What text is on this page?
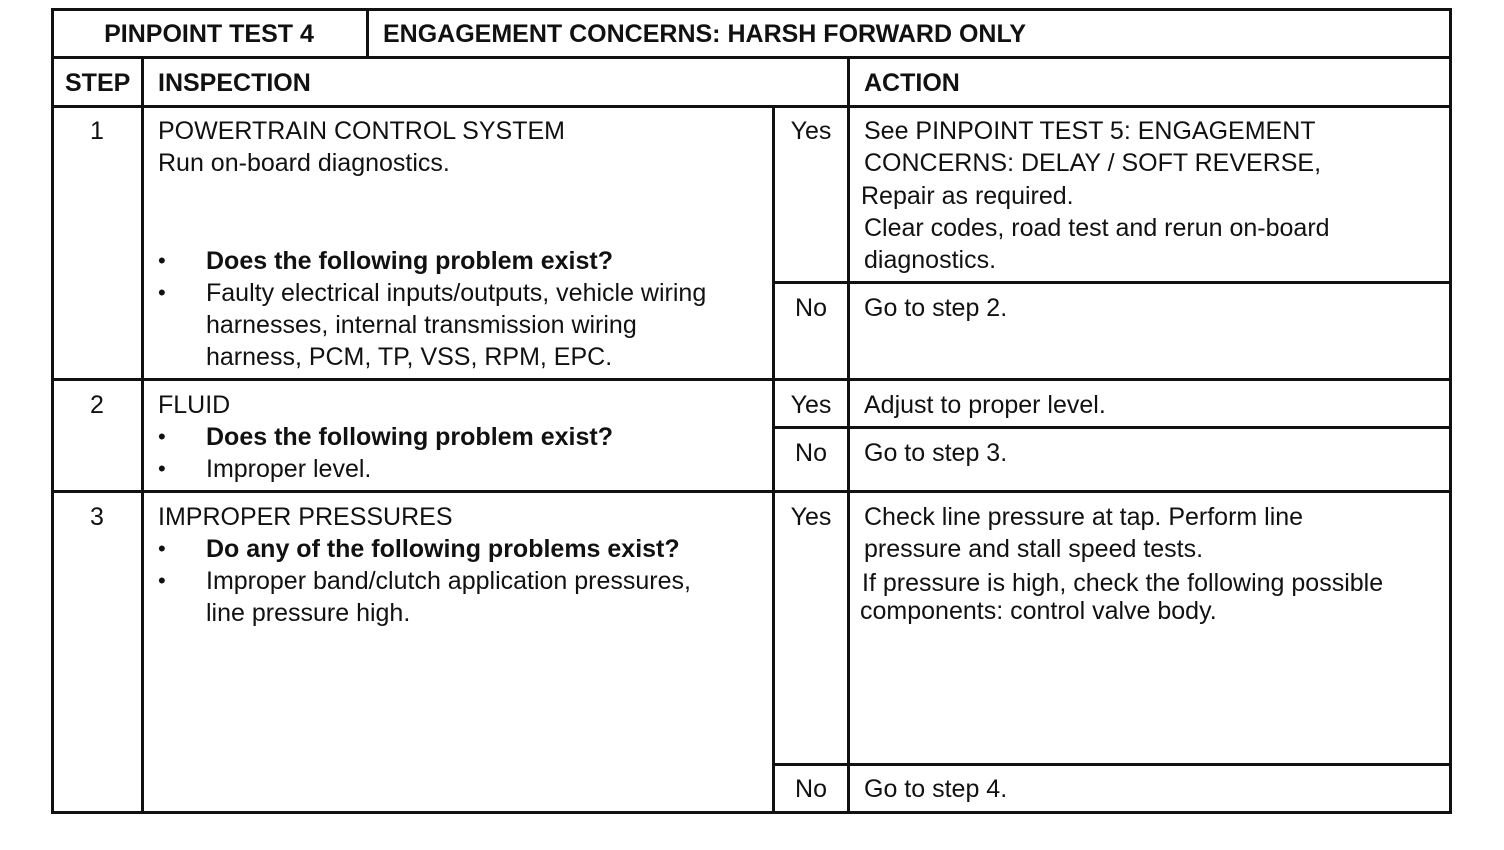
PINPOINT TEST 4	ENGAGEMENT CONCERNS: HARSH FORWARD ONLY
STEP INSPECTION	ACTION
1	POWERTRAIN CONTROL SYSTEM
Run on-board diagnostics.
• Does the following problem exist?
• Faulty electrical inputs/outputs, vehicle wiring
harnesses, internal transmission wiring
harness, PCM, TP, VSS, RPM, EPC.
Yes	See PINPOINT TEST 5: ENGAGEMENT
CONCERNS: DELAY / SOFT REVERSE,
Repair as required.
Clear codes, road test and rerun on-board
diagnostics.
No	Go to step 2.
2	FLUID
• Does the following problem exist?
• Improper level.
Yes	Adjust to proper level.
No	Go to step 3.
3	IMPROPER PRESSURES
• Do any of the following problems exist?
• Improper band/clutch application pressures,
line pressure high.
Yes	Check line pressure at tap. Perform line
pressure and stall speed tests.
If pressure is high, check the following possible
components: control valve body.
No	Go to step 4.
